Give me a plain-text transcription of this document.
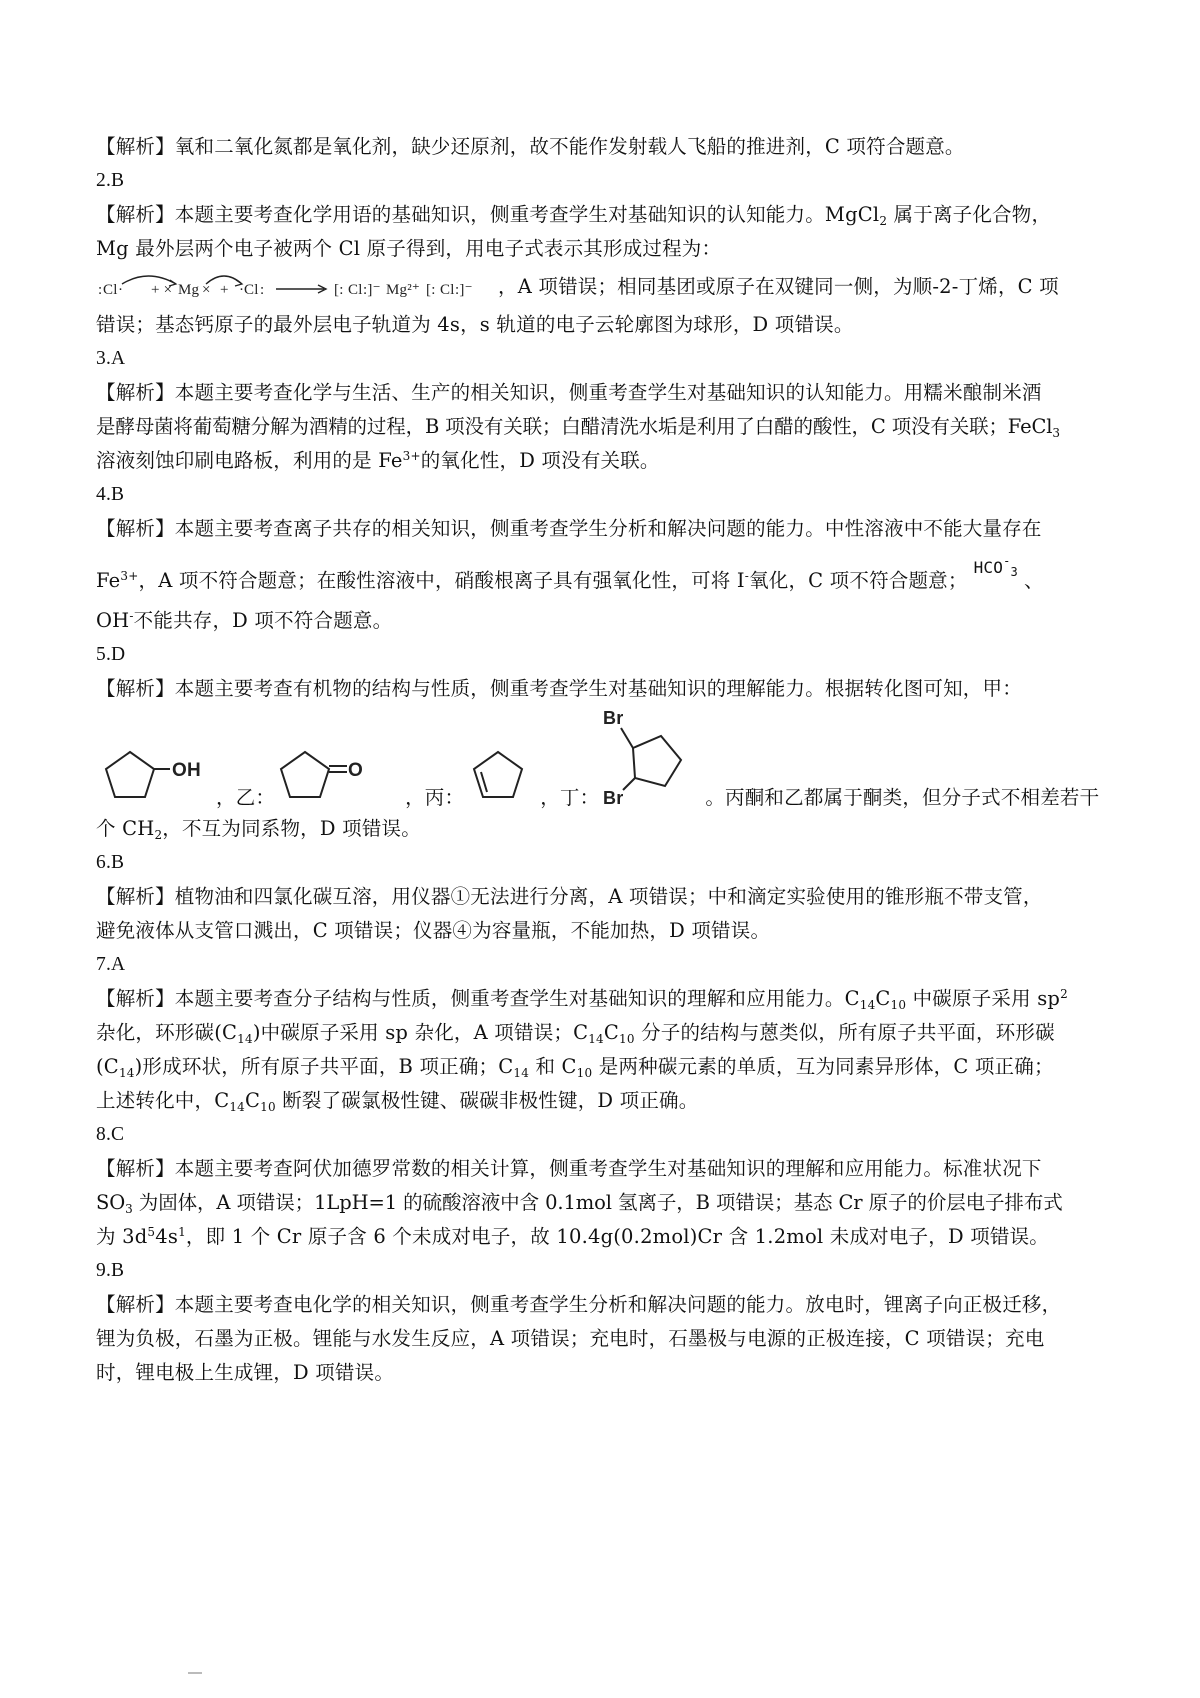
【解析】氧和二氧化氮都是氧化剂，缺少还原剂，故不能作发射载人飞船的推进剂，C 项符合题意。
2.B
【解析】本题主要考查化学用语的基础知识，侧重考查学生对基础知识的认知能力。MgCl$_2$ 属于离子化合物，
Mg 最外层两个电子被两个 Cl 原子得到，用电子式表示其形成过程为：
: Cl · + × Mg × + · Cl :	[: Cl :]⁻ Mg²⁺ [: Cl :]⁻ ，A 项错误；相同基团或原子在双键同一侧，为顺-2-丁烯，C 项
错误；基态钙原子的最外层电子轨道为 4s，s 轨道的电子云轮廓图为球形，D 项错误。
3.A
【解析】本题主要考查化学与生活、生产的相关知识，侧重考查学生对基础知识的认知能力。用糯米酿制米酒
是酵母菌将葡萄糖分解为酒精的过程，B 项没有关联；白醋清洗水垢是利用了白醋的酸性，C 项没有关联；FeCl$_3$
溶液刻蚀印刷电路板，利用的是 $Fe^{3+}$的氧化性，D 项没有关联。
4.B
【解析】本题主要考查离子共存的相关知识，侧重考查学生分析和解决问题的能力。中性溶液中不能大量存在
$Fe^{3+}$，A 项不符合题意；在酸性溶液中，硝酸根离子具有强氧化性，可将 I-氧化，C 项不符合题意；$HCO^-_3$ 、
OH-不能共存，D 项不符合题意。
5.D
【解析】本题主要考查有机物的结构与性质，侧重考查学生对基础知识的理解能力。根据转化图可知，甲：
OH
，乙：
O
，丙：	，丁：
Br
Br	。丙酮和乙都属于酮类，但分子式不相差若干
个 $CH_2$，不互为同系物，D 项错误。
6.B
【解析】植物油和四氯化碳互溶，用仪器①无法进行分离，A 项错误；中和滴定实验使用的锥形瓶不带支管，
避免液体从支管口溅出，C 项错误；仪器④为容量瓶，不能加热，D 项错误。
7.A
【解析】本题主要考查分子结构与性质，侧重考查学生对基础知识的理解和应用能力。$C_{14}C_{10}$ 中碳原子采用 $sp^2$
杂化，环形碳$(C_{14})$中碳原子采用 sp 杂化，A 项错误；$C_{14}C_{10}$ 分子的结构与蒽类似，所有原子共平面，环形碳
$(C_{14})$形成环状，所有原子共平面，B 项正确；$C_{14}$ 和 $C_{10}$ 是两种碳元素的单质，互为同素异形体，C 项正确；
上述转化中，$C_{14}C_{10}$ 断裂了碳氯极性键、碳碳非极性键，D 项正确。
8.C
【解析】本题主要考查阿伏加德罗常数的相关计算，侧重考查学生对基础知识的理解和应用能力。标准状况下
$SO_3$ 为固体，A 项错误；1LpH=1 的硫酸溶液中含 0.1mol 氢离子，B 项错误；基态 Cr 原子的价层电子排布式
为 $3d^54s^1$，即 1 个 Cr 原子含 6 个未成对电子，故 10.4g(0.2mol)Cr 含 1.2mol 未成对电子，D 项错误。
9.B
【解析】本题主要考查电化学的相关知识，侧重考查学生分析和解决问题的能力。放电时，锂离子向正极迁移，
锂为负极，石墨为正极。锂能与水发生反应，A 项错误；充电时，石墨极与电源的正极连接，C 项错误；充电
时，锂电极上生成锂，D 项错误。
